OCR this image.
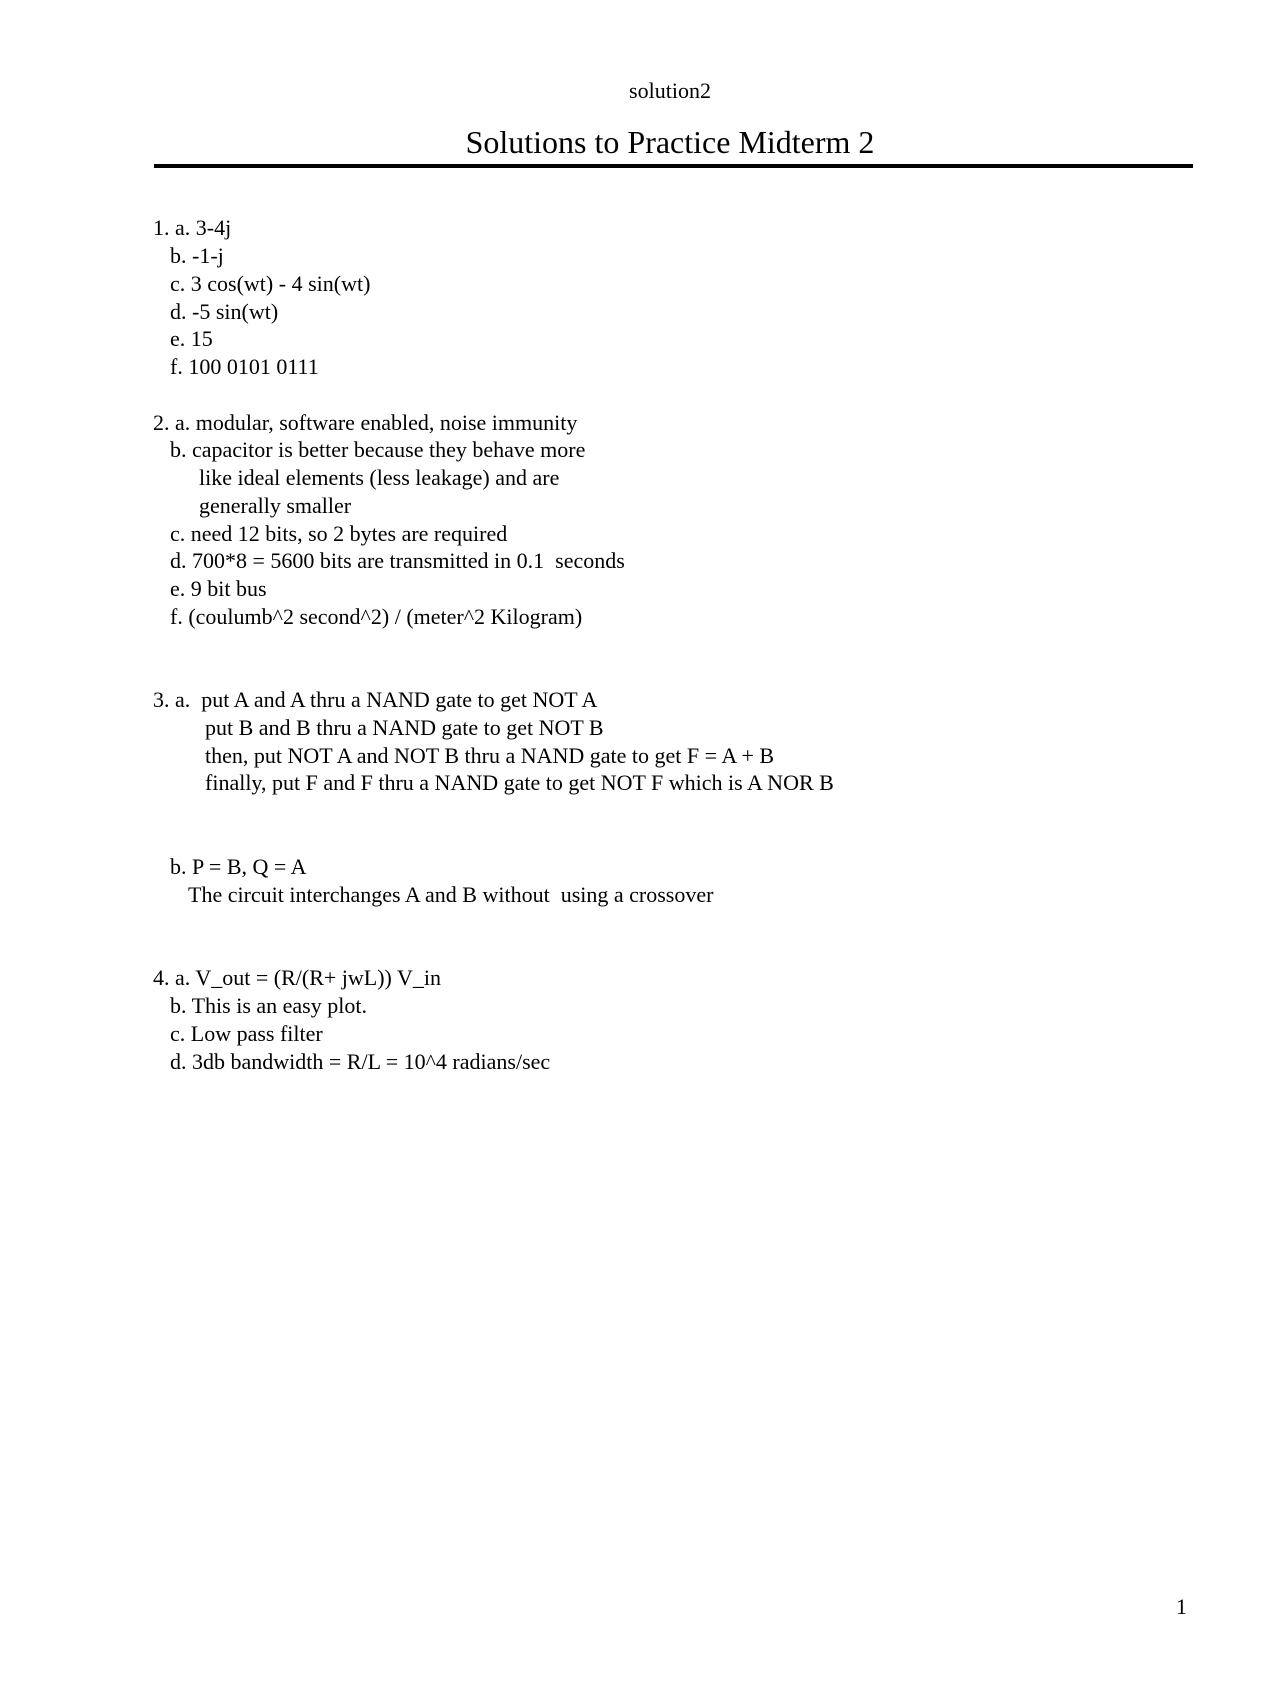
solution2
Solutions to Practice Midterm 2
1. a. 3-4j
b. -1-j
c. 3 cos(wt) - 4 sin(wt)
d. -5 sin(wt)
e. 15
f. 100 0101 0111
2. a. modular, software enabled, noise immunity
b. capacitor is better because they behave more
like ideal elements (less leakage) and are
generally smaller
c. need 12 bits, so 2 bytes are required
d. 700*8 = 5600 bits are transmitted in 0.1  seconds
e. 9 bit bus
f. (coulumb^2 second^2) / (meter^2 Kilogram)
3. a.  put A and A thru a NAND gate to get NOT A
put B and B thru a NAND gate to get NOT B
then, put NOT A and NOT B thru a NAND gate to get F = A + B
finally, put F and F thru a NAND gate to get NOT F which is A NOR B
b. P = B, Q = A
The circuit interchanges A and B without  using a crossover
4. a. V_out = (R/(R+ jwL)) V_in
b. This is an easy plot.
c. Low pass filter
d. 3db bandwidth = R/L = 10^4 radians/sec
1
